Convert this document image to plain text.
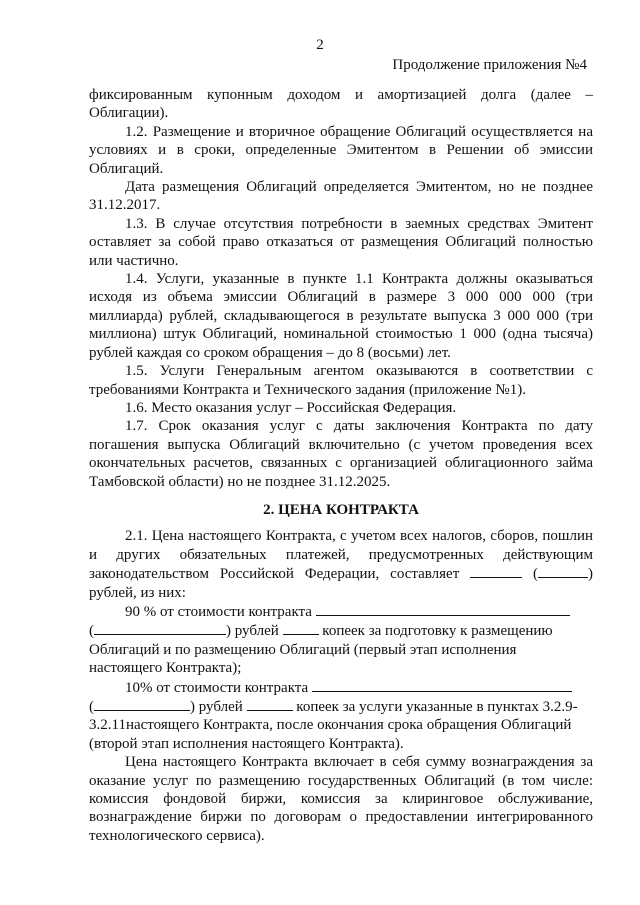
2
Продолжение приложения №4

фиксированным купонным доходом и амортизацией долга (далее – Облигации).

1.2. Размещение и вторичное обращение Облигаций осуществляется на условиях и в сроки, определенные Эмитентом в Решении об эмиссии Облигаций.

Дата размещения Облигаций определяется Эмитентом, но не позднее 31.12.2017.

1.3. В случае отсутствия потребности в заемных средствах Эмитент оставляет за собой право отказаться от размещения Облигаций полностью или частично.

1.4. Услуги, указанные в пункте 1.1 Контракта должны оказываться исходя из объема эмиссии Облигаций в размере 3 000 000 000 (три миллиарда) рублей, складывающегося в результате выпуска 3 000 000 (три миллиона) штук Облигаций, номинальной стоимостью 1 000 (одна тысяча) рублей каждая со сроком обращения – до 8 (восьми) лет.

1.5. Услуги Генеральным агентом оказываются в соответствии с требованиями Контракта и Технического задания (приложение №1).

1.6. Место оказания услуг – Российская Федерация.

1.7. Срок оказания услуг с даты заключения Контракта по дату погашения выпуска Облигаций включительно (с учетом проведения всех окончательных расчетов, связанных с организацией облигационного займа Тамбовской области) но не позднее 31.12.2025.

2. ЦЕНА КОНТРАКТА

2.1. Цена настоящего Контракта, с учетом всех налогов, сборов, пошлин и других обязательных платежей, предусмотренных действующим законодательством Российской Федерации, составляет	(	) рублей, из них:

90 % от стоимости контракта
(	) рублей	копеек за подготовку к размещению Облигаций и по размещению Облигаций (первый этап исполнения настоящего Контракта);

10% от стоимости контракта
(	) рублей	копеек за услуги указанные в пунктах 3.2.9-3.2.11настоящего Контракта, после окончания срока обращения Облигаций (второй этап исполнения настоящего Контракта).

Цена настоящего Контракта включает в себя сумму вознаграждения за оказание услуг по размещению государственных Облигаций (в том числе: комиссия фондовой биржи, комиссия за клиринговое обслуживание, вознаграждение биржи по договорам о предоставлении интегрированного технологического сервиса).
